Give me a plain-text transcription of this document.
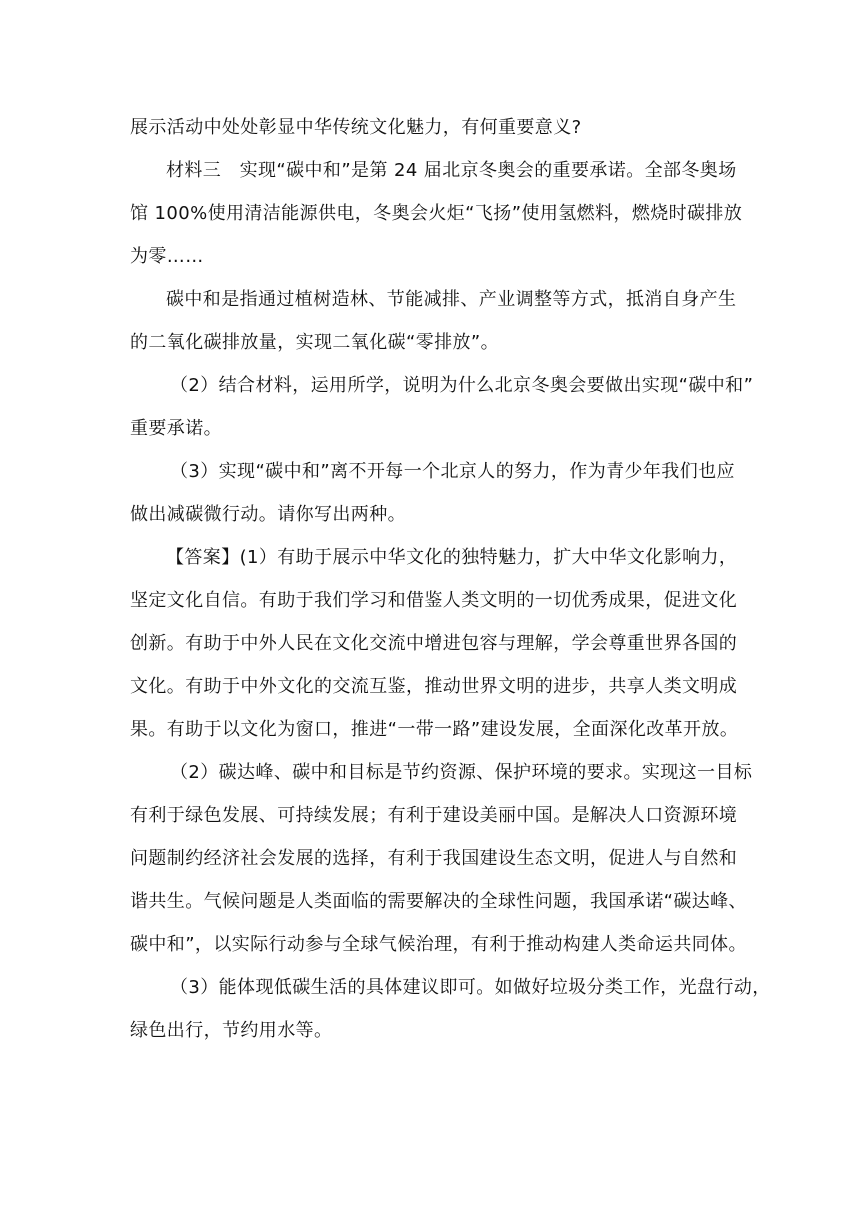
展示活动中处处彰显中华传统文化魅力，有何重要意义?
材料三　实现“碳中和”是第 24 届北京冬奥会的重要承诺。全部冬奥场
馆 100%使用清洁能源供电，冬奥会火炬“飞扬”使用氢燃料，燃烧时碳排放
为零……
碳中和是指通过植树造林、节能减排、产业调整等方式，抵消自身产生
的二氧化碳排放量，实现二氧化碳“零排放”。
（2）结合材料，运用所学，说明为什么北京冬奥会要做出实现“碳中和”
重要承诺。
（3）实现“碳中和”离不开每一个北京人的努力，作为青少年我们也应
做出减碳微行动。请你写出两种。
【答案】(1）有助于展示中华文化的独特魅力，扩大中华文化影响力，
坚定文化自信。有助于我们学习和借鉴人类文明的一切优秀成果，促进文化
创新。有助于中外人民在文化交流中增进包容与理解，学会尊重世界各国的
文化。有助于中外文化的交流互鉴，推动世界文明的进步，共享人类文明成
果。有助于以文化为窗口，推进“一带一路”建设发展，全面深化改革开放。
（2）碳达峰、碳中和目标是节约资源、保护环境的要求。实现这一目标
有利于绿色发展、可持续发展；有利于建设美丽中国。是解决人口资源环境
问题制约经济社会发展的选择，有利于我国建设生态文明，促进人与自然和
谐共生。气候问题是人类面临的需要解决的全球性问题，我国承诺“碳达峰、
碳中和”，以实际行动参与全球气候治理，有利于推动构建人类命运共同体。
（3）能体现低碳生活的具体建议即可。如做好垃圾分类工作，光盘行动，
绿色出行，节约用水等。
